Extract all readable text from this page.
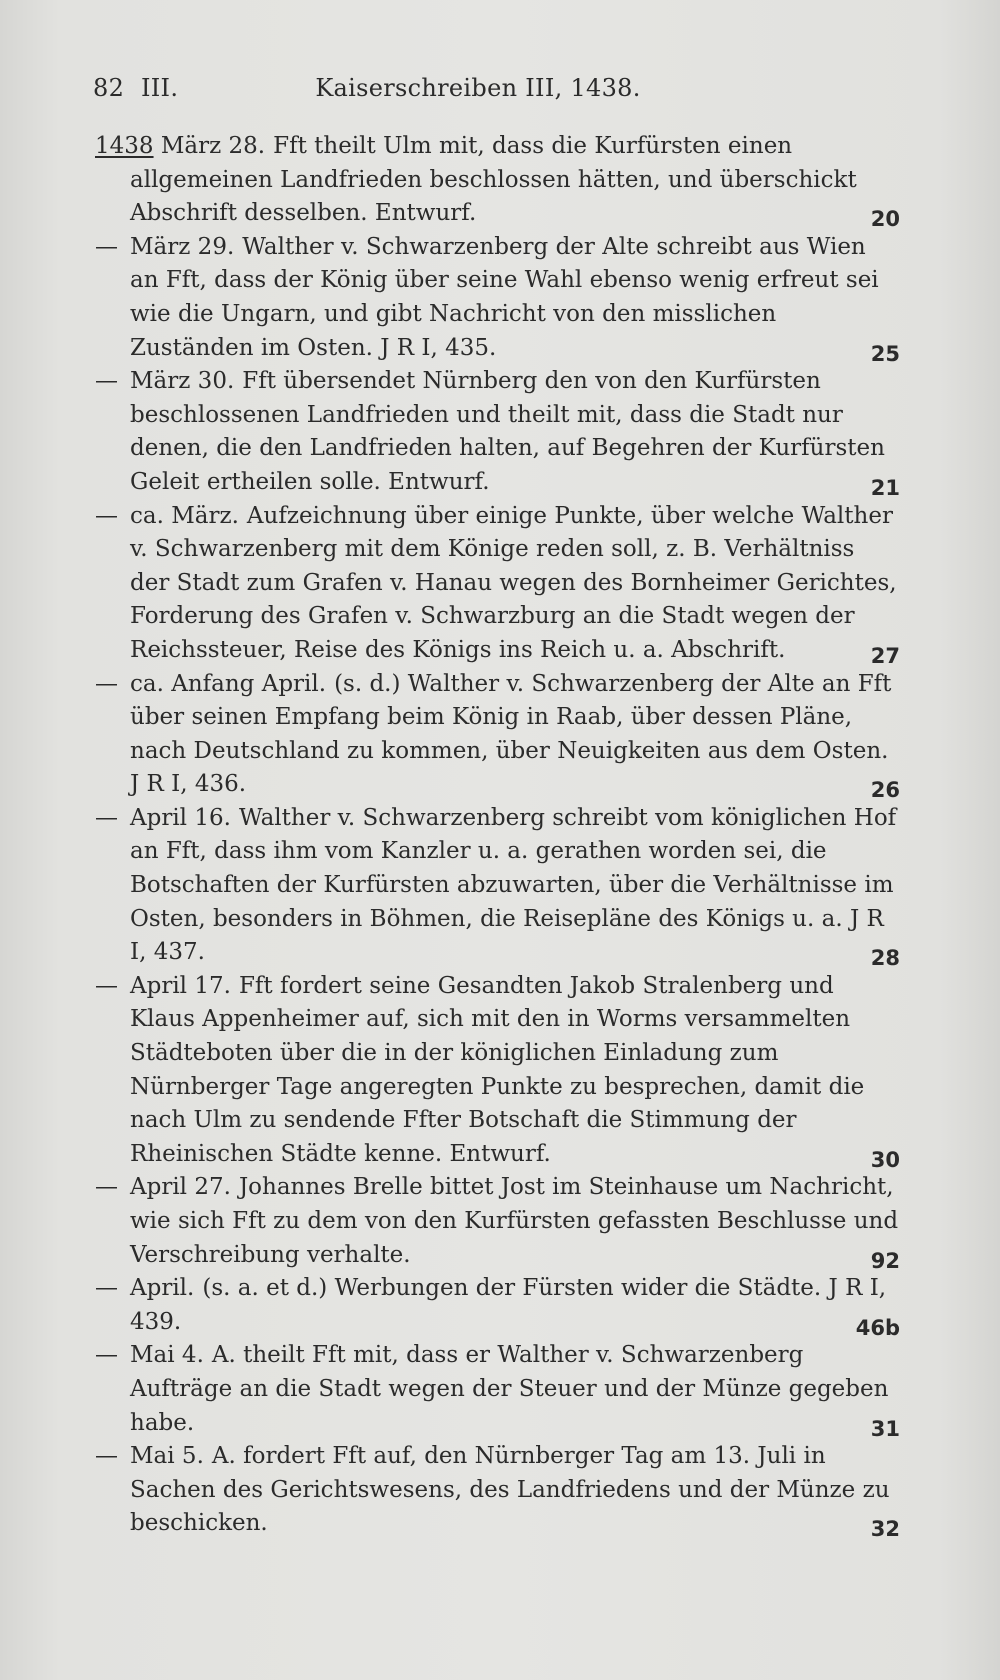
82 III.	Kaiserschreiben III, 1438.

1438 März 28. Fft theilt Ulm mit, dass die Kurfürsten einen allgemeinen Landfrieden beschlossen hätten, und überschickt Abschrift desselben. Entwurf.	20

— März 29. Walther v. Schwarzenberg der Alte schreibt aus Wien an Fft, dass der König über seine Wahl ebenso wenig erfreut sei wie die Ungarn, und gibt Nachricht von den misslichen Zuständen im Osten. J R I, 435.	25

— März 30. Fft übersendet Nürnberg den von den Kurfürsten beschlossenen Landfrieden und theilt mit, dass die Stadt nur denen, die den Landfrieden halten, auf Begehren der Kurfürsten Geleit ertheilen solle. Entwurf.	21

— ca. März. Aufzeichnung über einige Punkte, über welche Walther v. Schwarzenberg mit dem Könige reden soll, z. B. Verhältniss der Stadt zum Grafen v. Hanau wegen des Bornheimer Gerichtes, Forderung des Grafen v. Schwarzburg an die Stadt wegen der Reichssteuer, Reise des Königs ins Reich u. a. Abschrift.	27

— ca. Anfang April. (s. d.) Walther v. Schwarzenberg der Alte an Fft über seinen Empfang beim König in Raab, über dessen Pläne, nach Deutschland zu kommen, über Neuigkeiten aus dem Osten. J R I, 436.	26

— April 16. Walther v. Schwarzenberg schreibt vom königlichen Hof an Fft, dass ihm vom Kanzler u. a. gerathen worden sei, die Botschaften der Kurfürsten abzuwarten, über die Verhältnisse im Osten, besonders in Böhmen, die Reisepläne des Königs u. a. J R I, 437.	28

— April 17. Fft fordert seine Gesandten Jakob Stralenberg und Klaus Appenheimer auf, sich mit den in Worms versammelten Städteboten über die in der königlichen Einladung zum Nürnberger Tage angeregten Punkte zu besprechen, damit die nach Ulm zu sendende Ffter Botschaft die Stimmung der Rheinischen Städte kenne. Entwurf.	30

— April 27. Johannes Brelle bittet Jost im Steinhause um Nachricht, wie sich Fft zu dem von den Kurfürsten gefassten Beschlusse und Verschreibung verhalte.	92

— April. (s. a. et d.) Werbungen der Fürsten wider die Städte. J R I, 439.	46b

— Mai 4. A. theilt Fft mit, dass er Walther v. Schwarzenberg Aufträge an die Stadt wegen der Steuer und der Münze gegeben habe.	31

— Mai 5. A. fordert Fft auf, den Nürnberger Tag am 13. Juli in Sachen des Gerichtswesens, des Landfriedens und der Münze zu beschicken.	32
